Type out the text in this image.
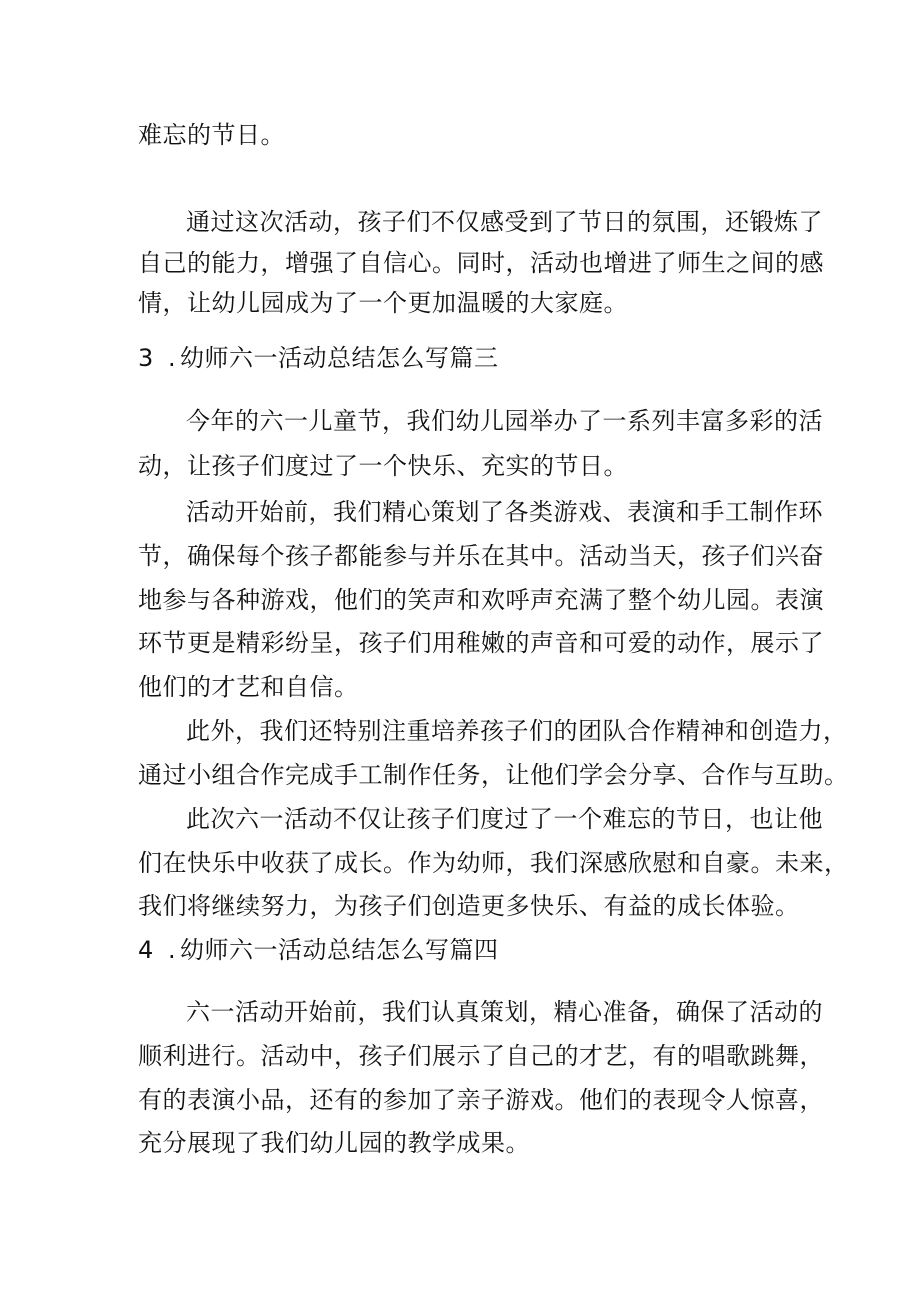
难忘的节日。
通过这次活动，孩子们不仅感受到了节日的氛围，还锻炼了
自己的能力，增强了自信心。同时，活动也增进了师生之间的感
情，让幼儿园成为了一个更加温暖的大家庭。
3 . 幼师六一活动总结怎么写篇三
今年的六一儿童节，我们幼儿园举办了一系列丰富多彩的活
动，让孩子们度过了一个快乐、充实的节日。
活动开始前，我们精心策划了各类游戏、表演和手工制作环
节，确保每个孩子都能参与并乐在其中。活动当天，孩子们兴奋
地参与各种游戏，他们的笑声和欢呼声充满了整个幼儿园。表演
环节更是精彩纷呈，孩子们用稚嫩的声音和可爱的动作，展示了
他们的才艺和自信。
此外，我们还特别注重培养孩子们的团队合作精神和创造力，
通过小组合作完成手工制作任务，让他们学会分享、合作与互助。
此次六一活动不仅让孩子们度过了一个难忘的节日，也让他
们在快乐中收获了成长。作为幼师，我们深感欣慰和自豪。未来，
我们将继续努力，为孩子们创造更多快乐、有益的成长体验。
4 . 幼师六一活动总结怎么写篇四
六一活动开始前，我们认真策划，精心准备，确保了活动的
顺利进行。活动中，孩子们展示了自己的才艺，有的唱歌跳舞，
有的表演小品，还有的参加了亲子游戏。他们的表现令人惊喜，
充分展现了我们幼儿园的教学成果。
